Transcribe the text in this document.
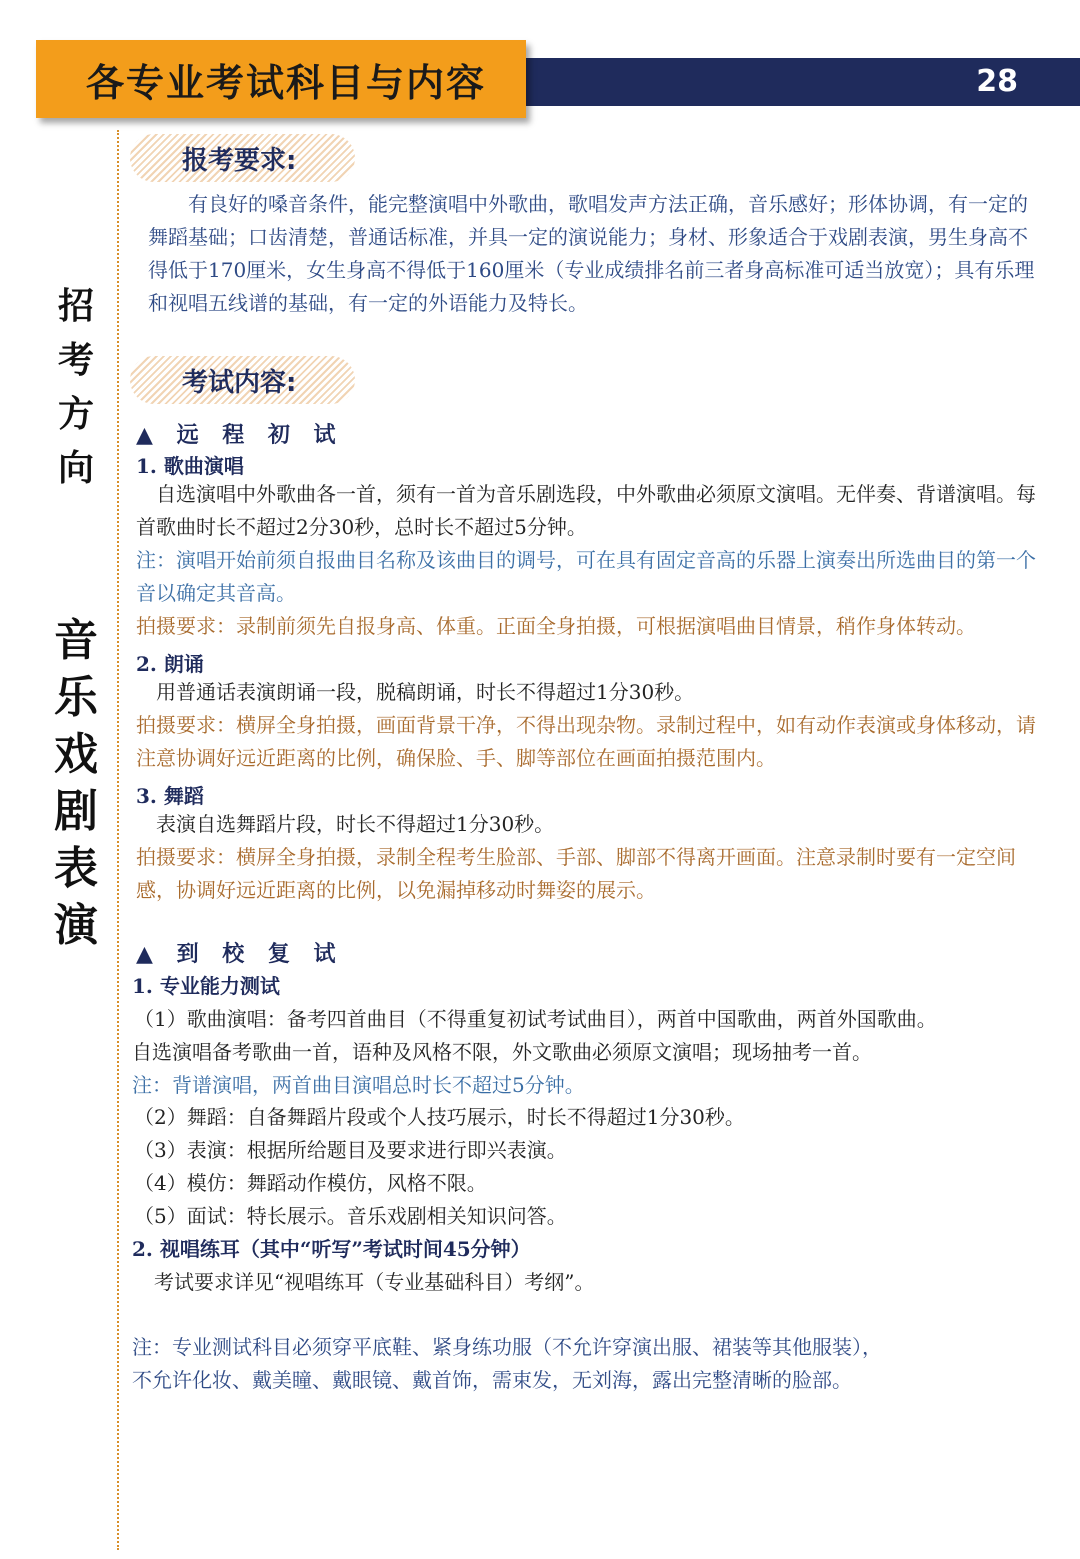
28
各专业考试科目与内容
招
考
方
向
音
乐
戏
剧
表
演
报考要求:

有良好的嗓音条件，能完整演唱中外歌曲，歌唱发声方法正确，音乐感好；形体协调，有一定的舞蹈基础；口齿清楚，普通话标准，并具一定的演说能力；身材、形象适合于戏剧表演，男生身高不得低于170厘米，女生身高不得低于160厘米（专业成绩排名前三者身高标准可适当放宽）；具有乐理和视唱五线谱的基础，有一定的外语能力及特长。

考试内容:
▲ 远 程 初 试
1. 歌曲演唱

自选演唱中外歌曲各一首，须有一首为音乐剧选段，中外歌曲必须原文演唱。无伴奏、背谱演唱。每首歌曲时长不超过2分30秒，总时长不超过5分钟。

注：演唱开始前须自报曲目名称及该曲目的调号，可在具有固定音高的乐器上演奏出所选曲目的第一个音以确定其音高。

拍摄要求：录制前须先自报身高、体重。正面全身拍摄，可根据演唱曲目情景，稍作身体转动。

2. 朗诵

用普通话表演朗诵一段，脱稿朗诵，时长不得超过1分30秒。

拍摄要求：横屏全身拍摄，画面背景干净，不得出现杂物。录制过程中，如有动作表演或身体移动，请注意协调好远近距离的比例，确保脸、手、脚等部位在画面拍摄范围内。

3. 舞蹈

表演自选舞蹈片段，时长不得超过1分30秒。

拍摄要求：横屏全身拍摄，录制全程考生脸部、手部、脚部不得离开画面。注意录制时要有一定空间感，协调好远近距离的比例，以免漏掉移动时舞姿的展示。

▲ 到 校 复 试
1. 专业能力测试
（1）歌曲演唱：备考四首曲目（不得重复初试考试曲目），两首中国歌曲，两首外国歌曲。
自选演唱备考歌曲一首，语种及风格不限，外文歌曲必须原文演唱；现场抽考一首。
注：背谱演唱，两首曲目演唱总时长不超过5分钟。
（2）舞蹈：自备舞蹈片段或个人技巧展示，时长不得超过1分30秒。
（3）表演：根据所给题目及要求进行即兴表演。
（4）模仿：舞蹈动作模仿，风格不限。
（5）面试：特长展示。音乐戏剧相关知识问答。
2. 视唱练耳（其中“听写”考试时间45分钟）
考试要求详见“视唱练耳（专业基础科目）考纲”。
注：专业测试科目必须穿平底鞋、紧身练功服（不允许穿演出服、裙装等其他服装），
不允许化妆、戴美瞳、戴眼镜、戴首饰，需束发，无刘海，露出完整清晰的脸部。
